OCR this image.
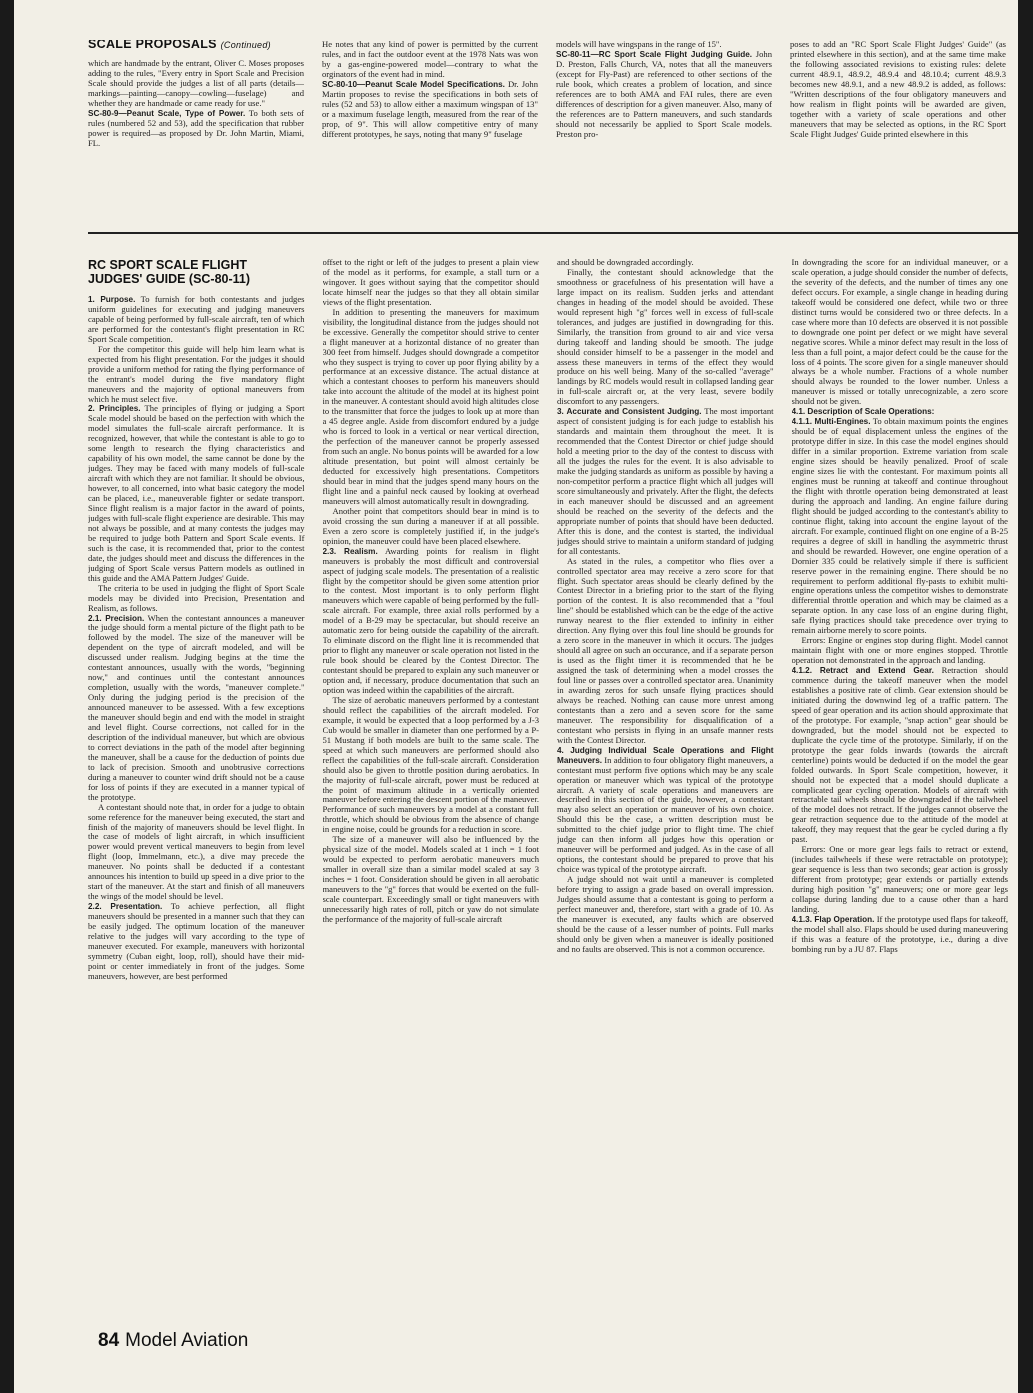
SCALE PROPOSALS (Continued)

which are handmade by the entrant, Oliver C. Moses proposes adding to the rules, "Every entry in Sport Scale and Precision Scale should provide the judges a list of all parts (details—markings—painting—canopy—cowling—fuselage) and whether they are handmade or came ready for use."

SC-80-9—Peanut Scale, Type of Power. To both sets of rules (numbered 52 and 53), add the specification that rubber power is required—as proposed by Dr. John Martin, Miami, FL.

He notes that any kind of power is permitted by the current rules, and in fact the outdoor event at the 1978 Nats was won by a gas-engine-powered model—contrary to what the orginators of the event had in mind.

SC-80-10—Peanut Scale Model Specifications. Dr. John Martin proposes to revise the specifications in both sets of rules (52 and 53) to allow either a maximum wingspan of 13" or a maximum fuselage length, measured from the rear of the prop, of 9". This will allow competitive entry of many different prototypes, he says, noting that many 9" fuselage

models will have wingspans in the range of 15".

SC-80-11—RC Sport Scale Flight Judging Guide. John D. Preston, Falls Church, VA, notes that all the maneuvers (except for Fly-Past) are referenced to other sections of the rule book, which creates a problem of location, and since references are to both AMA and FAI rules, there are even differences of description for a given maneuver. Also, many of the references are to Pattern maneuvers, and such standards should not necessarily be applied to Sport Scale models. Preston pro-

poses to add an "RC Sport Scale Flight Judges' Guide" (as printed elsewhere in this section), and at the same time make the following associated revisions to existing rules: delete current 48.9.1, 48.9.2, 48.9.4 and 48.10.4; current 48.9.3 becomes new 48.9.1, and a new 48.9.2 is added, as follows: "Written descriptions of the four obligatory maneuvers and how realism in flight points will be awarded are given, together with a variety of scale operations and other maneuvers that may be selected as options, in the RC Sport Scale Flight Judges' Guide printed elsewhere in this

RC SPORT SCALE FLIGHT JUDGES' GUIDE (SC-80-11)

1. Purpose. To furnish for both contestants and judges uniform guidelines for executing and judging maneuvers capable of being performed by full-scale aircraft, ten of which are performed for the contestant's flight presentation in RC Sport Scale competition.

For the competitor this guide will help him learn what is expected from his flight presentation. For the judges it should provide a uniform method for rating the flying performance of the entrant's model during the five mandatory flight maneuvers and the majority of optional maneuvers from which he must select five.

2. Principles. The principles of flying or judging a Sport Scale model should be based on the perfection with which the model simulates the full-scale aircraft performance. It is recognized, however, that while the contestant is able to go to some length to research the flying characteristics and capability of his own model, the same cannot be done by the judges. They may be faced with many models of full-scale aircraft with which they are not familiar. It should be obvious, however, to all concerned, into what basic category the model can be placed, i.e., maneuverable fighter or sedate transport. Since flight realism is a major factor in the award of points, judges with full-scale flight experience are desirable. This may not always be possible, and at many contests the judges may be required to judge both Pattern and Sport Scale events. If such is the case, it is recommended that, prior to the contest date, the judges should meet and discuss the differences in the judging of Sport Scale versus Pattern models as outlined in this guide and the AMA Pattern Judges' Guide.

The criteria to be used in judging the flight of Sport Scale models may be divided into Precision, Presentation and Realism, as follows.

2.1. Precision. When the contestant announces a maneuver the judge should form a mental picture of the flight path to be followed by the model. The size of the maneuver will be dependent on the type of aircraft modeled, and will be discussed under realism. Judging begins at the time the contestant announces, usually with the words, "beginning now," and continues until the contestant announces completion, usually with the words, "maneuver complete." Only during the judging period is the precision of the announced maneuver to be assessed. With a few exceptions the maneuver should begin and end with the model in straight and level flight. Course corrections, not called for in the description of the individual maneuver, but which are obvious to correct deviations in the path of the model after beginning the maneuver, shall be a cause for the deduction of points due to lack of precision. Smooth and unobtrusive corrections during a maneuver to counter wind drift should not be a cause for loss of points if they are executed in a manner typical of the prototype.

A contestant should note that, in order for a judge to obtain some reference for the maneuver being executed, the start and finish of the majority of maneuvers should be level flight. In the case of models of light aircraft, in which insufficient power would prevent vertical maneuvers to begin from level flight (loop, Immelmann, etc.), a dive may precede the maneuver. No points shall be deducted if a contestant announces his intention to build up speed in a dive prior to the start of the maneuver. At the start and finish of all maneuvers the wings of the model should be level.

2.2. Presentation. To achieve perfection, all flight maneuvers should be presented in a manner such that they can be easily judged. The optimum location of the maneuver relative to the judges will vary according to the type of maneuver executed. For example, maneuvers with horizontal symmetry (Cuban eight, loop, roll), should have their mid-point or center immediately in front of the judges. Some maneuvers, however, are best performed

offset to the right or left of the judges to present a plain view of the model as it performs, for example, a stall turn or a wingover. It goes without saying that the competitor should locate himself near the judges so that they all obtain similar views of the flight presentation.

In addition to presenting the maneuvers for maximum visibility, the longitudinal distance from the judges should not be excessive. Generally the competitor should strive to center a flight maneuver at a horizontal distance of no greater than 300 feet from himself. Judges should downgrade a competitor who they suspect is trying to cover up poor flying ability by a performance at an excessive distance. The actual distance at which a contestant chooses to perform his maneuvers should take into account the altitude of the model at its highest point in the maneuver. A contestant should avoid high altitudes close to the transmitter that force the judges to look up at more than a 45 degree angle. Aside from discomfort endured by a judge who is forced to look in a vertical or near vertical direction, the perfection of the maneuver cannot be properly assessed from such an angle. No bonus points will be awarded for a low altitude presentation, but point will almost certainly be deducted for excessively high presentations. Competitors should bear in mind that the judges spend many hours on the flight line and a painful neck caused by looking at overhead maneuvers will almost automatically result in downgrading.

Another point that competitors should bear in mind is to avoid crossing the sun during a maneuver if at all possible. Even a zero score is completely justified if, in the judge's opinion, the maneuver could have been placed elsewhere.

2.3. Realism. Awarding points for realism in flight maneuvers is probably the most difficult and controversial aspect of judging scale models. The presentation of a realistic flight by the competitor should be given some attention prior to the contest. Most important is to only perform flight maneuvers which were capable of being performed by the full-scale aircraft. For example, three axial rolls performed by a model of a B-29 may be spectacular, but should receive an automatic zero for being outside the capability of the aircraft. To eliminate discord on the flight line it is recommended that prior to flight any maneuver or scale operation not listed in the rule book should be cleared by the Contest Director. The contestant should be prepared to explain any such maneuver or option and, if necessary, produce documentation that such an option was indeed within the capabilities of the aircraft.

The size of aerobatic maneuvers performed by a contestant should reflect the capabilities of the aircraft modeled. For example, it would be expected that a loop performed by a J-3 Cub would be smaller in diameter than one performed by a P-51 Mustang if both models are built to the same scale. The speed at which such maneuvers are performed should also reflect the capabilities of the full-scale aircraft. Consideration should also be given to throttle position during aerobatics. In the majority of full-scale aircraft, power must be reduced at the point of maximum altitude in a vertically oriented maneuver before entering the descent portion of the maneuver. Performance of such maneuvers by a model at a constant full throttle, which should be obvious from the absence of change in engine noise, could be grounds for a reduction in score.

The size of a maneuver will also be influenced by the physical size of the model. Models scaled at 1 inch = 1 foot would be expected to perform aerobatic maneuvers much smaller in overall size than a similar model scaled at say 3 inches = 1 foot. Consideration should be given in all aerobatic maneuvers to the "g" forces that would be exerted on the full-scale counterpart. Exceedingly small or tight maneuvers with unnecessarily high rates of roll, pitch or yaw do not simulate the performance of the majority of full-scale aircraft

and should be downgraded accordingly.

Finally, the contestant should acknowledge that the smoothness or gracefulness of his presentation will have a large impact on its realism. Sudden jerks and attendant changes in heading of the model should be avoided. These would represent high "g" forces well in excess of full-scale tolerances, and judges are justified in downgrading for this. Similarly, the transition from ground to air and vice versa during takeoff and landing should be smooth. The judge should consider himself to be a passenger in the model and assess these maneuvers in terms of the effect they would produce on his well being. Many of the so-called "average" landings by RC models would result in collapsed landing gear in full-scale aircraft or, at the very least, severe bodily discomfort to any passengers.

3. Accurate and Consistent Judging. The most important aspect of consistent judging is for each judge to establish his standards and maintain them throughout the meet. It is recommended that the Contest Director or chief judge should hold a meeting prior to the day of the contest to discuss with all the judges the rules for the event. It is also advisable to make the judging standards as uniform as possible by having a non-competitor perform a practice flight which all judges will score simultaneously and privately. After the flight, the defects in each maneuver should be discussed and an agreement should be reached on the severity of the defects and the appropriate number of points that should have been deducted. After this is done, and the contest is started, the individual judges should strive to maintain a uniform standard of judging for all contestants.

As stated in the rules, a competitor who flies over a controlled spectator area may receive a zero score for that flight. Such spectator areas should be clearly defined by the Contest Director in a briefing prior to the start of the flying portion of the contest. It is also recommended that a "foul line" should be established which can be the edge of the active runway nearest to the flier extended to infinity in either direction. Any flying over this foul line should be grounds for a zero score in the maneuver in which it occurs. The judges should all agree on such an occurance, and if a separate person is used as the flight timer it is recommended that he be assigned the task of determining when a model crosses the foul line or passes over a controlled spectator area. Unanimity in awarding zeros for such unsafe flying practices should always be reached. Nothing can cause more unrest among contestants than a zero and a seven score for the same maneuver. The responsibility for disqualification of a contestant who persists in flying in an unsafe manner rests with the Contest Director.

4. Judging Individual Scale Operations and Flight Maneuvers. In addition to four obligatory flight maneuvers, a contestant must perform five options which may be any scale operation or maneuver which was typical of the prototype aircraft. A variety of scale operations and maneuvers are described in this section of the guide, however, a contestant may also select an operation or maneuver of his own choice. Should this be the case, a written description must be submitted to the chief judge prior to flight time. The chief judge can then inform all judges how this operation or maneuver will be performed and judged. As in the case of all options, the contestant should be prepared to prove that his choice was typical of the prototype aircraft.

A judge should not wait until a maneuver is completed before trying to assign a grade based on overall impression. Judges should assume that a contestant is going to perform a perfect maneuver and, therefore, start with a grade of 10. As the maneuver is executed, any faults which are observed should be the cause of a lesser number of points. Full marks should only be given when a maneuver is ideally positioned and no faults are observed. This is not a common occurence.

In downgrading the score for an individual maneuver, or a scale operation, a judge should consider the number of defects, the severity of the defects, and the number of times any one defect occurs. For example, a single change in heading during takeoff would be considered one defect, while two or three distinct turns would be considered two or three defects. In a case where more than 10 defects are observed it is not possible to downgrade one point per defect or we might have several negative scores. While a minor defect may result in the loss of less than a full point, a major defect could be the cause for the loss of 4 points. The score given for a single maneuver should always be a whole number. Fractions of a whole number should always be rounded to the lower number. Unless a maneuver is missed or totally unrecognizable, a zero score should not be given.

4.1. Description of Scale Operations:

4.1.1. Multi-Engines. To obtain maximum points the engines should be of equal displacement unless the engines of the prototype differ in size. In this case the model engines should differ in a similar proportion. Extreme variation from scale engine sizes should be heavily penalized. Proof of scale engine sizes lie with the contestant. For maximum points all engines must be running at takeoff and continue throughout the flight with throttle operation being demonstrated at least during the approach and landing. An engine failure during flight should be judged according to the contestant's ability to continue flight, taking into account the engine layout of the aircraft. For example, continued flight on one engine of a B-25 requires a degree of skill in handling the asymmetric thrust and should be rewarded. However, one engine operation of a Dornier 335 could be relatively simple if there is sufficient reserve power in the remaining engine. There should be no requirement to perform additional fly-pasts to exhibit multi-engine operations unless the competitor wishes to demonstrate differential throttle operation and which may be claimed as a separate option. In any case loss of an engine during flight, safe flying practices should take precedence over trying to remain airborne merely to score points.

Errors: Engine or engines stop during flight. Model cannot maintain flight with one or more engines stopped. Throttle operation not demonstrated in the approach and landing.

4.1.2. Retract and Extend Gear. Retraction should commence during the takeoff maneuver when the model establishes a positive rate of climb. Gear extension should be initiated during the downwind leg of a traffic pattern. The speed of gear operation and its action should approximate that of the prototype. For example, "snap action" gear should be downgraded, but the model should not be expected to duplicate the cycle time of the prototype. Similarly, if on the prototype the gear folds inwards (towards the aircraft centerline) points would be deducted if on the model the gear folded outwards. In Sport Scale competition, however, it should not be expected that a model should duplicate a complicated gear cycling operation. Models of aircraft with retractable tail wheels should be downgraded if the tailwheel of the model does not retract. If the judges cannot observe the gear retraction sequence due to the attitude of the model at takeoff, they may request that the gear be cycled during a fly past.

Errors: One or more gear legs fails to retract or extend, (includes tailwheels if these were retractable on prototype); gear sequence is less than two seconds; gear action is grossly different from prototype; gear extends or partially extends during high position "g" maneuvers; one or more gear legs collapse during landing due to a cause other than a hard landing.

4.1.3. Flap Operation. If the prototype used flaps for takeoff, the model shall also. Flaps should be used during maneuvering if this was a feature of the prototype, i.e., during a dive bombing run by a JU 87. Flaps

84 Model Aviation
